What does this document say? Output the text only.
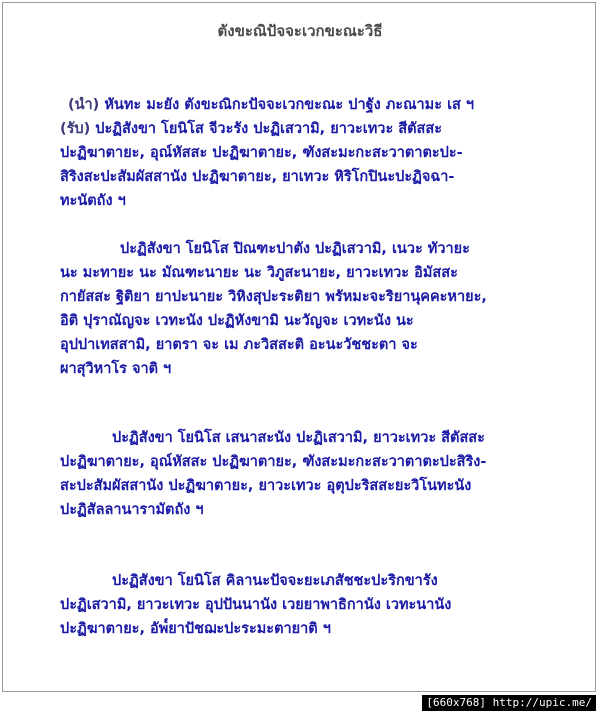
ตังขะณิปัจจะเวกขะณะวิธี
(นำ) หันทะ มะยัง ตังขะณิกะปัจจะเวกขะณะ ปาฐัง ภะณามะ เส ฯ
(รับ) ปะฏิสังขา โยนิโส จีวะรัง ปะฏิเสวามิ, ยาวะเทวะ สีตัสสะ
ปะฏิฆาตายะ, อุณ์หัสสะ ปะฏิฆาตายะ, ฑังสะมะกะสะวาตาตะปะ-
สิริงสะปะสัมผัสสานัง ปะฏิฆาตายะ, ยาเทวะ หิริโกปินะปะฏิจฉา-
ทะนัตถัง ฯ
ปะฏิสังขา โยนิโส ปิณฑะปาตัง ปะฏิเสวามิ, เนวะ ทัวายะ
นะ มะทายะ นะ มัณฑะนายะ นะ วิภูสะนายะ, ยาวะเทวะ อิมัสสะ
กายัสสะ ฐิติยา ยาปะนายะ วิหิงสุปะระติยา พรัหมะจะริยานุคคะหายะ,
อิติ ปุราณัญจะ เวทะนัง ปะฏิหังขามิ นะวัญจะ เวทะนัง นะ
อุปปาเทสสามิ, ยาตรา จะ เม ภะวิสสะติ อะนะวัชชะตา จะ
ผาสุวิหาโร จาติ ฯ
ปะฏิสังขา โยนิโส เสนาสะนัง ปะฏิเสวามิ, ยาวะเทวะ สีตัสสะ
ปะฏิฆาตายะ, อุณ์หัสสะ ปะฏิฆาตายะ, ฑังสะมะกะสะวาตาตะปะสิริง-
สะปะสัมผัสสานัง ปะฏิฆาตายะ, ยาวะเทวะ อุตุปะริสสะยะวิโนทะนัง
ปะฏิสัลลานารามัตถัง ฯ
ปะฏิสังขา โยนิโส คิลานะปัจจะยะเภสัชชะปะริกขารัง
ปะฏิเสวามิ, ยาวะเทวะ อุปปันนานัง เวยยาพาธิกานัง เวทะนานัง
ปะฏิฆาตายะ, อัพ๎ยาปัชฌะปะระมะตายาติ ฯ
[660x768] http://upic.me/
